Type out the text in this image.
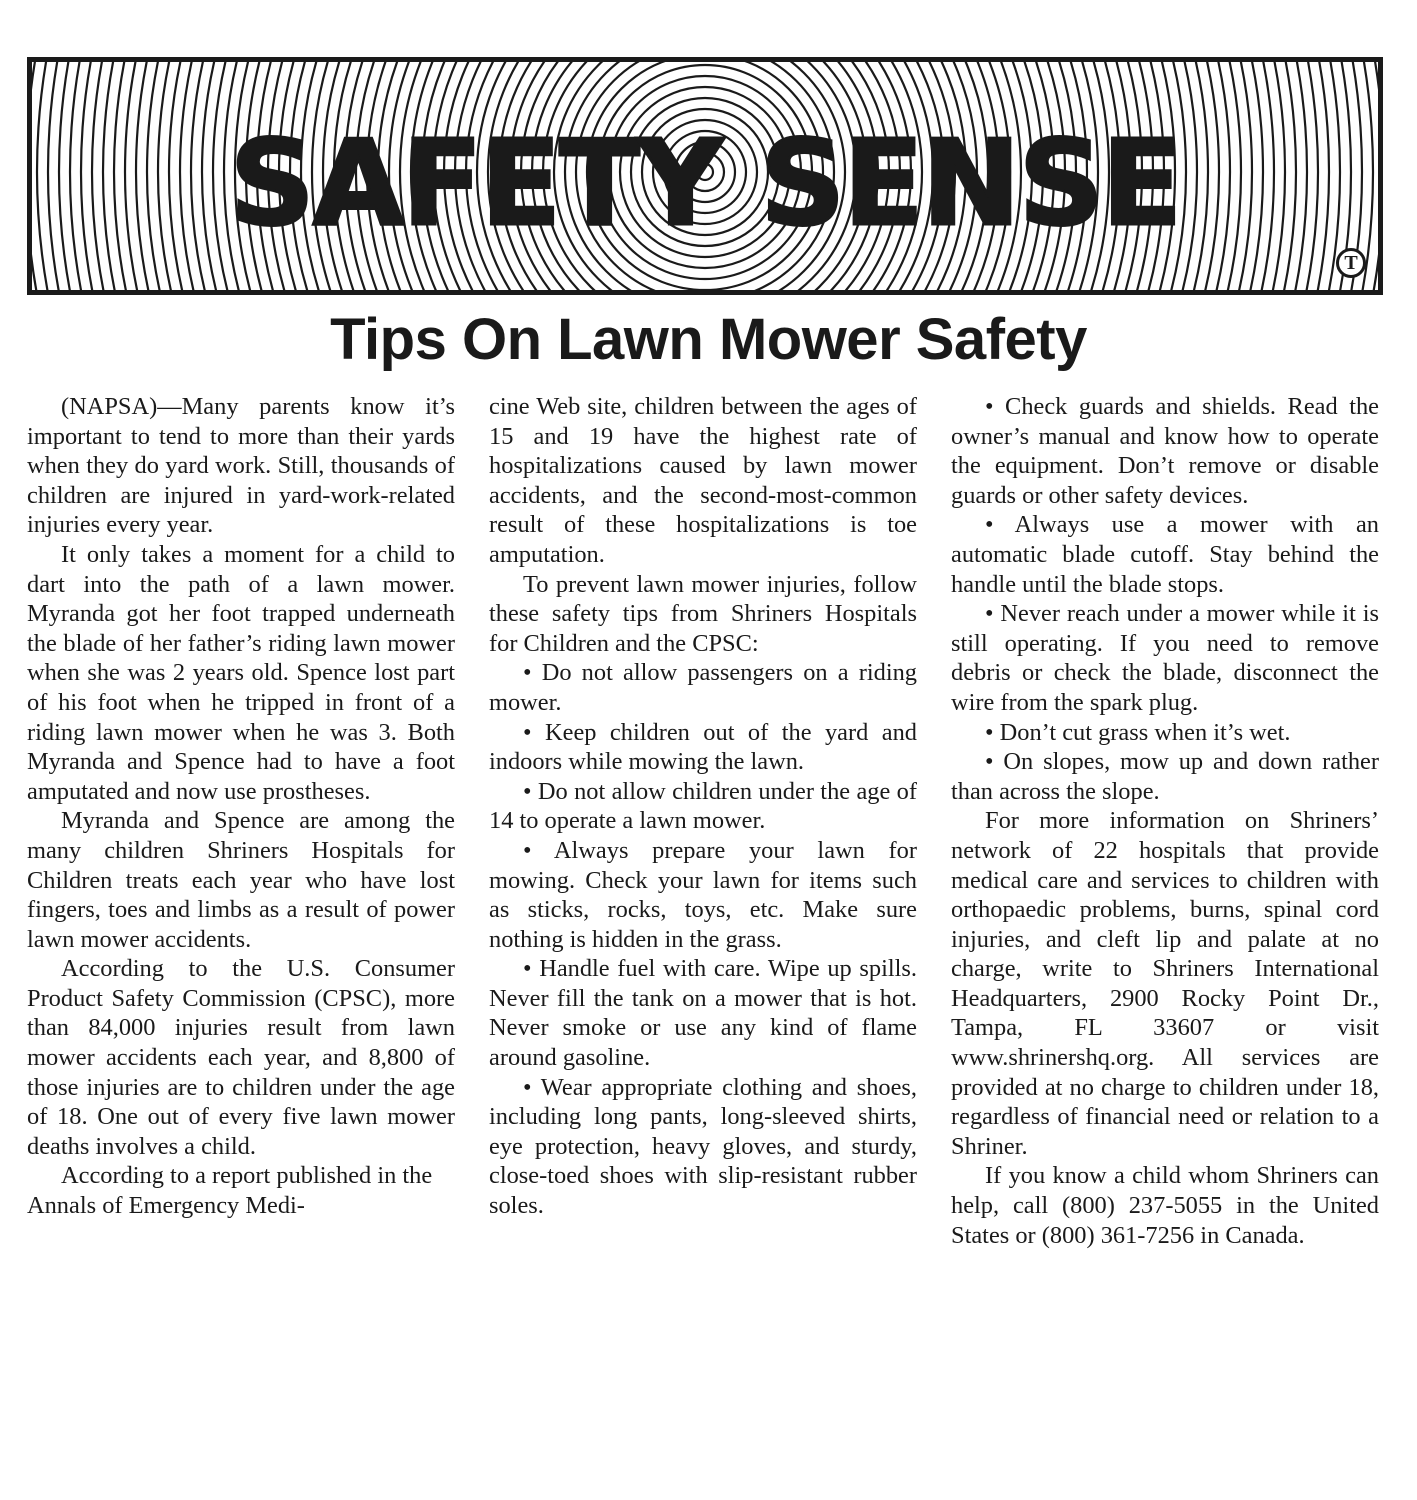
SAFETY SENSE
T
Tips On Lawn Mower Safety

(NAPSA)—Many parents know it’s important to tend to more than their yards when they do yard work. Still, thousands of children are injured in yard-work-related injuries every year.

It only takes a moment for a child to dart into the path of a lawn mower. Myranda got her foot trapped underneath the blade of her father’s riding lawn mower when she was 2 years old. Spence lost part of his foot when he tripped in front of a riding lawn mower when he was 3. Both Myranda and Spence had to have a foot amputated and now use prostheses.

Myranda and Spence are among the many children Shriners Hospitals for Children treats each year who have lost fingers, toes and limbs as a result of power lawn mower accidents.

According to the U.S. Consumer Product Safety Commission (CPSC), more than 84,000 injuries result from lawn mower accidents each year, and 8,800 of those injuries are to children under the age of 18. One out of every five lawn mower deaths involves a child.

According to a report published in the Annals of Emergency Medi-

cine Web site, children between the ages of 15 and 19 have the highest rate of hospitalizations caused by lawn mower accidents, and the second-most-common result of these hospitalizations is toe amputation.

To prevent lawn mower injuries, follow these safety tips from Shriners Hospitals for Children and the CPSC:

• Do not allow passengers on a riding mower.

• Keep children out of the yard and indoors while mowing the lawn.

• Do not allow children under the age of 14 to operate a lawn mower.

• Always prepare your lawn for mowing. Check your lawn for items such as sticks, rocks, toys, etc. Make sure nothing is hidden in the grass.

• Handle fuel with care. Wipe up spills. Never fill the tank on a mower that is hot. Never smoke or use any kind of flame around gasoline.

• Wear appropriate clothing and shoes, including long pants, long-sleeved shirts, eye protection, heavy gloves, and sturdy, close-toed shoes with slip-resistant rubber soles.

• Check guards and shields. Read the owner’s manual and know how to operate the equipment. Don’t remove or disable guards or other safety devices.

• Always use a mower with an automatic blade cutoff. Stay behind the handle until the blade stops.

• Never reach under a mower while it is still operating. If you need to remove debris or check the blade, disconnect the wire from the spark plug.

• Don’t cut grass when it’s wet.

• On slopes, mow up and down rather than across the slope.

For more information on Shriners’ network of 22 hospitals that provide medical care and services to children with orthopaedic problems, burns, spinal cord injuries, and cleft lip and palate at no charge, write to Shriners International Headquarters, 2900 Rocky Point Dr., Tampa, FL 33607 or visit www.shrinershq.org. All services are provided at no charge to children under 18, regardless of financial need or relation to a Shriner.

If you know a child whom Shriners can help, call (800) 237-5055 in the United States or (800) 361-7256 in Canada.
